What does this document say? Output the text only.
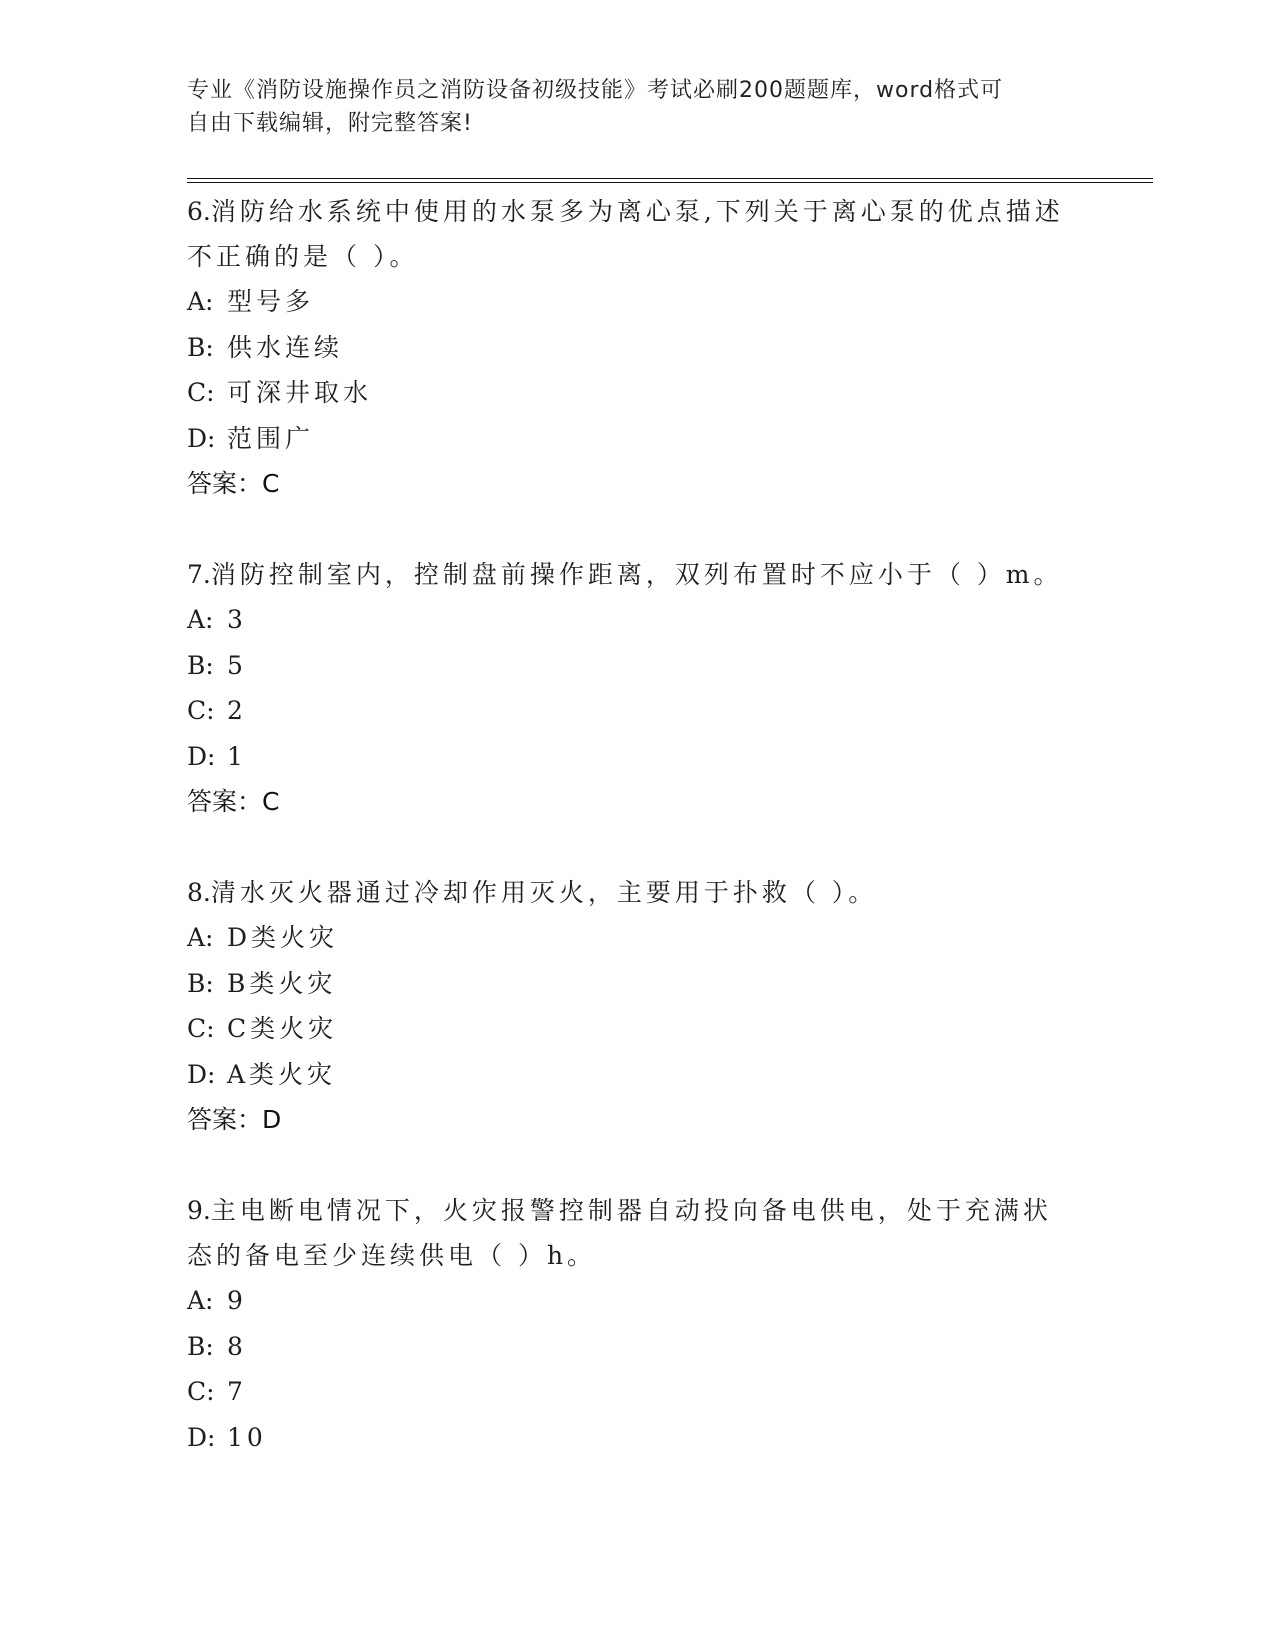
专业《消防设施操作员之消防设备初级技能》考试必刷200题题库，word格式可
自由下载编辑，附完整答案!
6.消防给水系统中使用的水泵多为离心泵,下列关于离心泵的优点描述
不正确的是（ ）。
A: 型号多
B: 供水连续
C: 可深井取水
D: 范围广
答案：C
7.消防控制室内，控制盘前操作距离，双列布置时不应小于（ ）m。
A: 3
B: 5
C: 2
D: 1
答案：C
8.清水灭火器通过冷却作用灭火，主要用于扑救（ ）。
A: D类火灾
B: B类火灾
C: C类火灾
D: A类火灾
答案：D
9.主电断电情况下，火灾报警控制器自动投向备电供电，处于充满状
态的备电至少连续供电（ ）h。
A: 9
B: 8
C: 7
D: 10
